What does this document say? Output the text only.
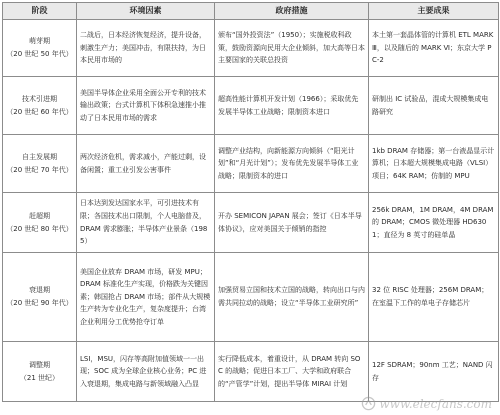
阶段	环境因素	政府措施	主要成果

萌芽期
（20 世纪 50 年代）	二战后，日本经济恢复经济，提升设备，刺激生产力；美国冲击，有限扶持，为日本民用市场的	颁布“国外投资法”（1950）；实施税收科政策，鼓励资源向民用大企业倾斜，加大高等日本主要国家的关联总投资	本土第一套晶体管的计算机 ETL MARK Ⅲ，以及随后的 MARK Ⅵ；东京大学 PC-2

技术引进期
（20 世纪 60 年代）	美国半导体企业采用全面公开专利的技术输出政策；台式计算机下体积急速推小推动了日本民用市场的需求	超高性能计算机开发计划（1966）；采取优先发展半导体工业战略；限制资本进口	研制出 IC 试验品，混成大规模集成电路研究

自主发展期
（20 世纪 70 年代）	两次经济危机，需求减小，产能过剩，设备闲置；重工业引发公害事件	调整产业结构，向新能源方向倾斜（“阳光计划”和“月光计划”）；发布优先发展半导体工业战略；限制资本的进口	1kb DRAM 存储器；第一台液晶显示计算机；日本超大规模集成电路（VLSI）项目；64K RAM；仿制的 MPU

赶超期
（20 世纪 80 年代）	日本达到发达国家水平，可引进技术有限；各国技术出口限制，个人电脑普及，DRAM 需求膨胀；半导体产业景条（1985）	开办 SEMICON JAPAN 展会；签订《日本半导体协议》，应对美国关于倾销的指控	256k DRAM，1M DRAM，4M DRAM 的 DRAM；CMOS 微处理器 HD6301；直径为 8 英寸的硅单晶

衰退期
（20 世纪 90 年代）	美国企业放弃 DRAM 市场，研发 MPU；DRAM 标准化生产实现，价格跌为关键因素；韩国抢占 DRAM 市场；部件从大规模生产转为专业化生产，复杂度提升；台湾企业利用分工优势抢夺订单	加强贸易立国和技术立国的战略，转向出口与内需共同拉动的战略；设立“半导体工业研究所”	32 位 RISC 处理器；256M DRAM；在室温下工作的单电子存储芯片

调整期
（21 世纪）	LSI，MSU，闪存等高附加值领域一一出现；SOC 成为全球企业核心业务；PC 进入衰退期，集成电路与新领域融入凸显	实行降低成本，着重设计，从 DRAM 转向 SOC 的战略；促进日本工厂、大学和政府联合的“产管学”计划，提出半导体 MIRAI 计划	12F SDRAM；90nm 工艺；NAND 闪存
www.elecfans.com
